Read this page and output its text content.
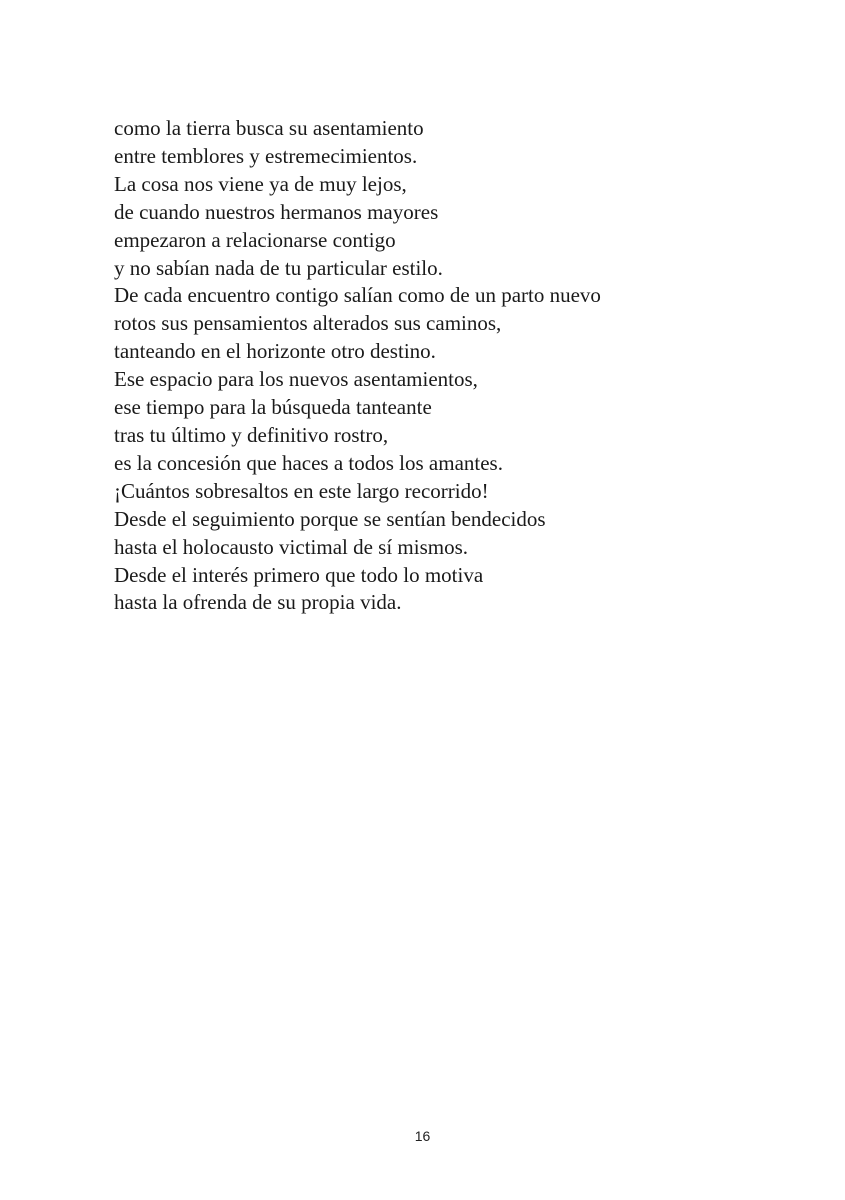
como la tierra busca su asentamiento
entre temblores y estremecimientos.
La cosa nos viene ya de muy lejos,
de cuando nuestros hermanos mayores
empezaron a relacionarse contigo
y no sabían nada de tu particular estilo.
De cada encuentro contigo salían como de un parto nuevo
rotos sus pensamientos alterados sus caminos,
tanteando en el horizonte otro destino.
Ese espacio para los nuevos asentamientos,
ese tiempo para la búsqueda tanteante
tras tu último y definitivo rostro,
es la concesión que haces a todos los amantes.
¡Cuántos sobresaltos en este largo recorrido!
Desde el seguimiento porque se sentían bendecidos
hasta el holocausto victimal de sí mismos.
Desde el interés primero que todo lo motiva
hasta la ofrenda de su propia vida.
16
